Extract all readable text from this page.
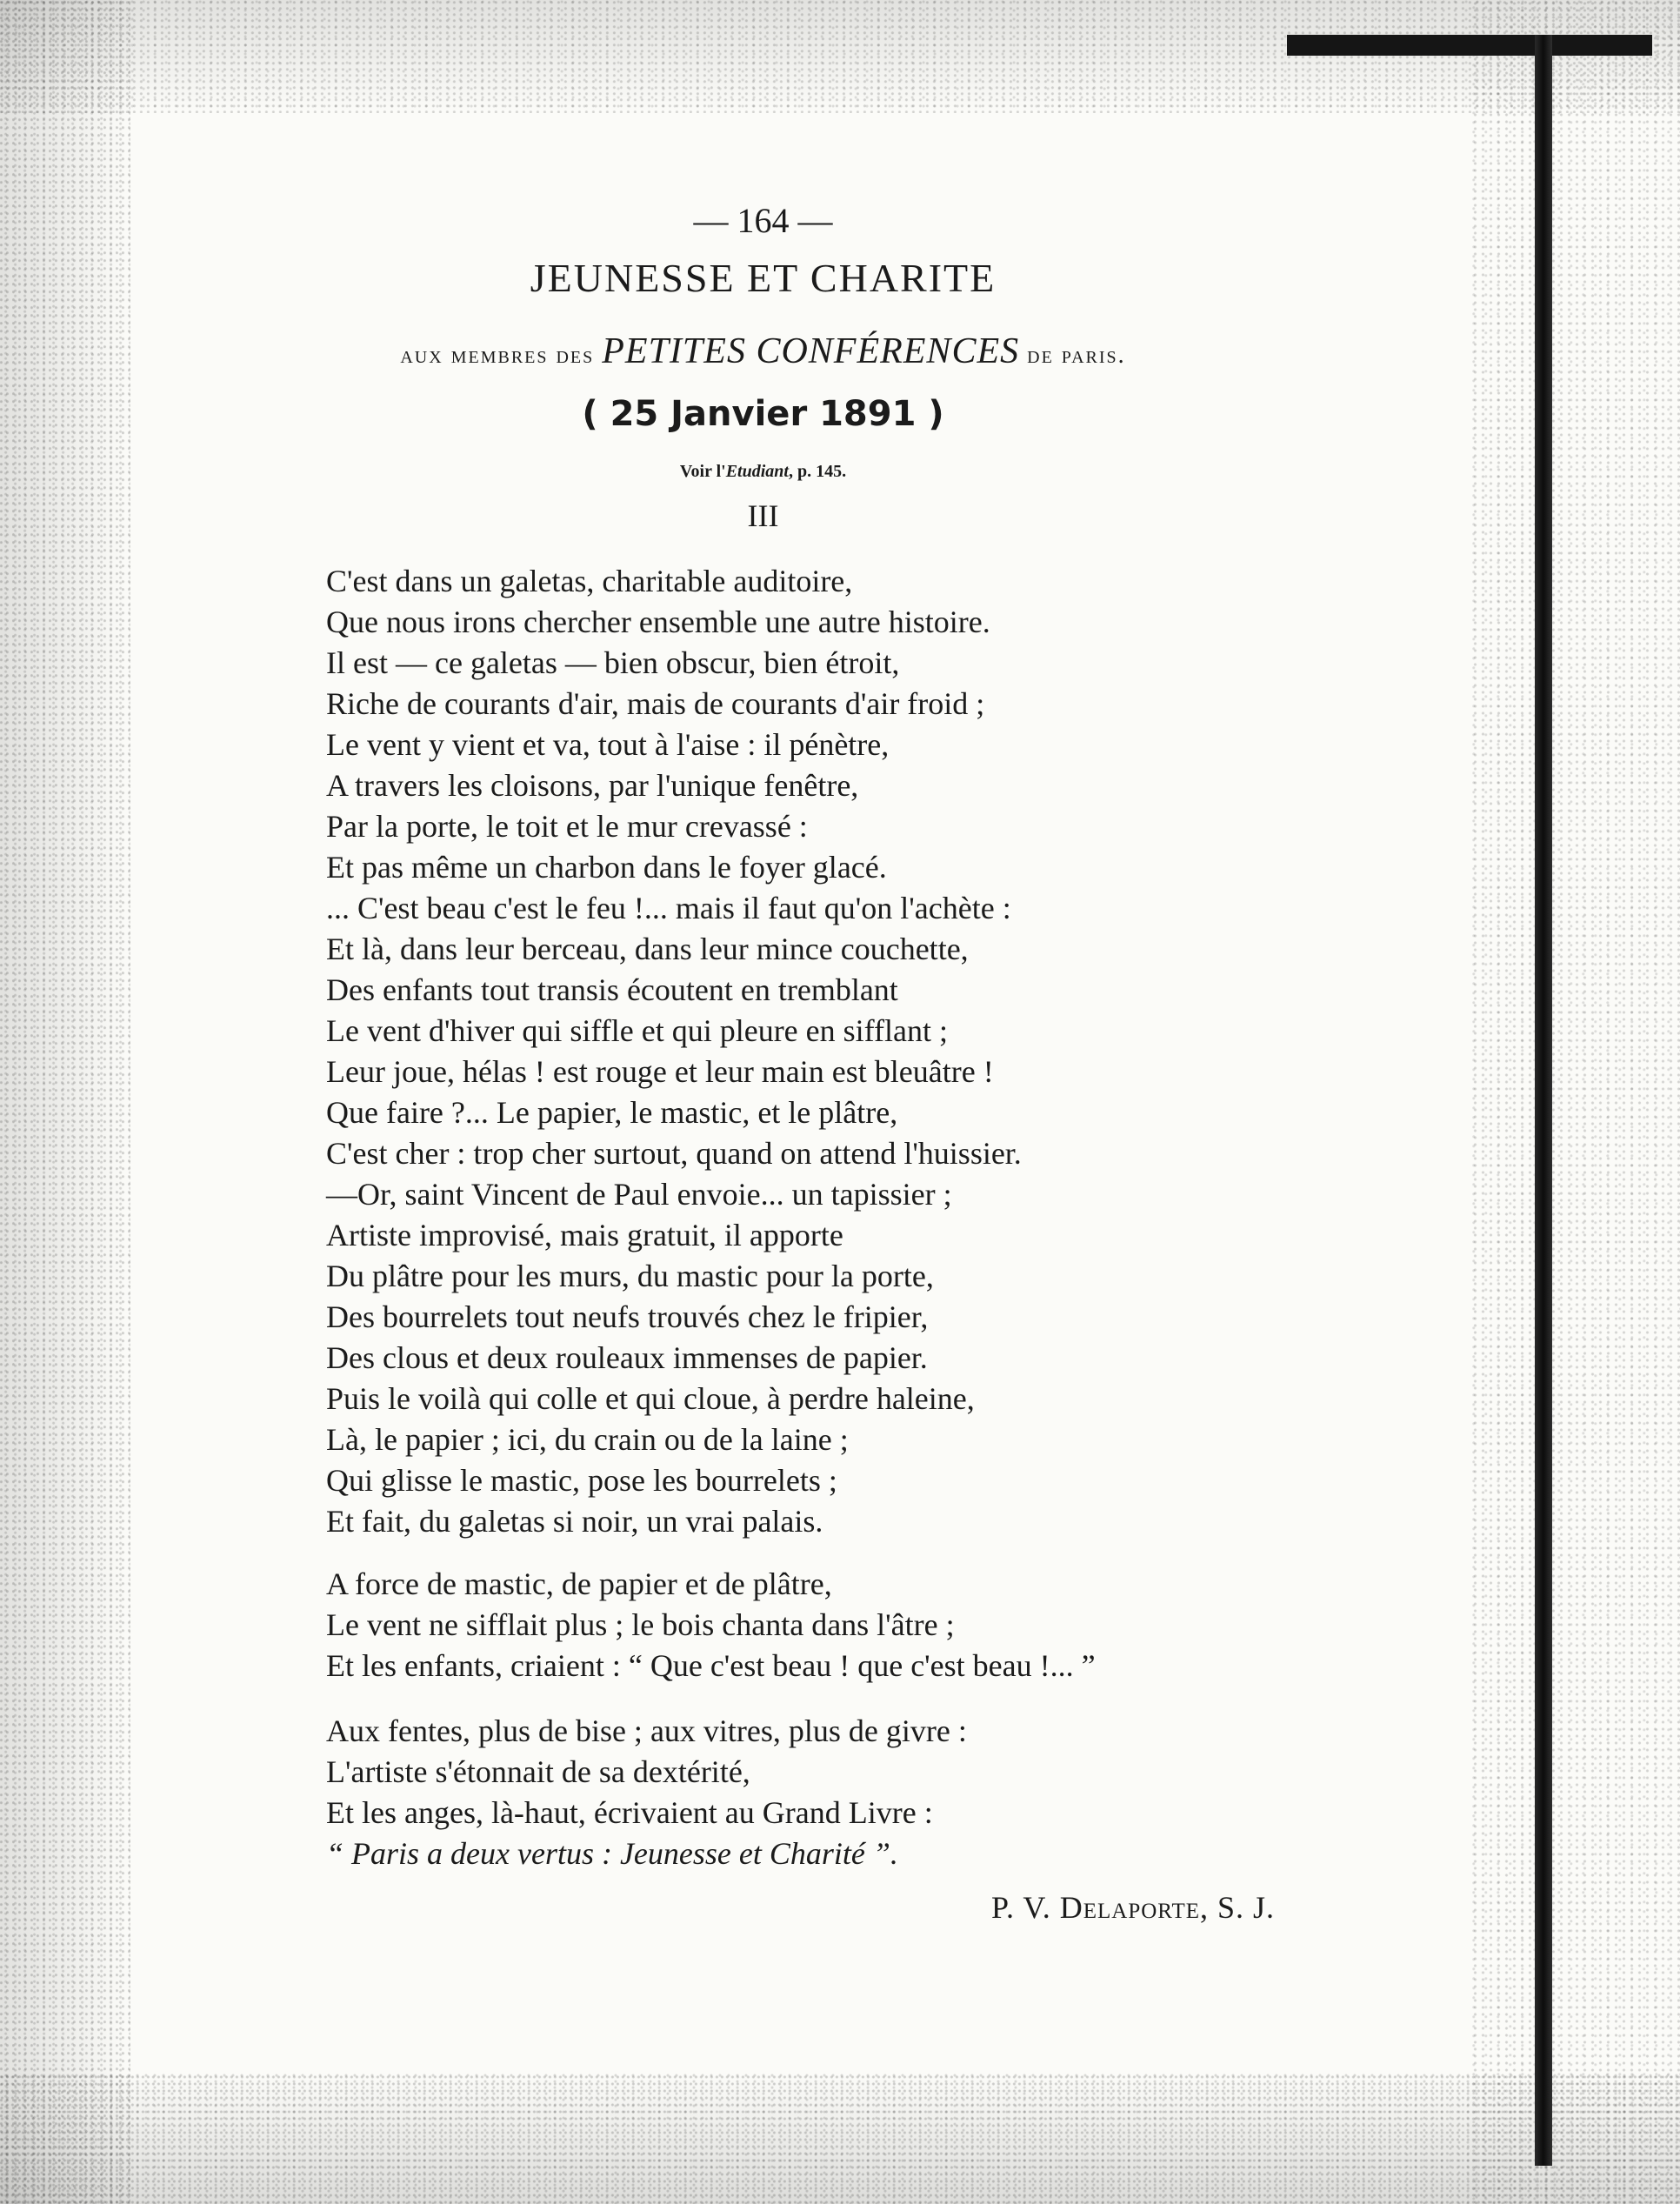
— 164 —
JEUNESSE ET CHARITE
aux membres des PETITES CONFÉRENCES de paris.
( 25 Janvier 1891 )
Voir l'Etudiant, p. 145.
III
C'est dans un galetas, charitable auditoire,
Que nous irons chercher ensemble une autre histoire.
Il est — ce galetas — bien obscur, bien étroit,
Riche de courants d'air, mais de courants d'air froid ;
Le vent y vient et va, tout à l'aise : il pénètre,
A travers les cloisons, par l'unique fenêtre,
Par la porte, le toit et le mur crevassé :
Et pas même un charbon dans le foyer glacé.
... C'est beau c'est le feu !... mais il faut qu'on l'achète :
Et là, dans leur berceau, dans leur mince couchette,
Des enfants tout transis écoutent en tremblant
Le vent d'hiver qui siffle et qui pleure en sifflant ;
Leur joue, hélas ! est rouge et leur main est bleuâtre !
Que faire ?... Le papier, le mastic, et le plâtre,
C'est cher : trop cher surtout, quand on attend l'huissier.
—Or, saint Vincent de Paul envoie... un tapissier ;
Artiste improvisé, mais gratuit, il apporte
Du plâtre pour les murs, du mastic pour la porte,
Des bourrelets tout neufs trouvés chez le fripier,
Des clous et deux rouleaux immenses de papier.
Puis le voilà qui colle et qui cloue, à perdre haleine,
Là, le papier ; ici, du crain ou de la laine ;
Qui glisse le mastic, pose les bourrelets ;
Et fait, du galetas si noir, un vrai palais.
A force de mastic, de papier et de plâtre,
Le vent ne sifflait plus ; le bois chanta dans l'âtre ;
Et les enfants, criaient : “ Que c'est beau ! que c'est beau !... ”
Aux fentes, plus de bise ; aux vitres, plus de givre :
L'artiste s'étonnait de sa dextérité,
Et les anges, là-haut, écrivaient au Grand Livre :
“ Paris a deux vertus : Jeunesse et Charité ”.
P. V. Delaporte, S. J.
